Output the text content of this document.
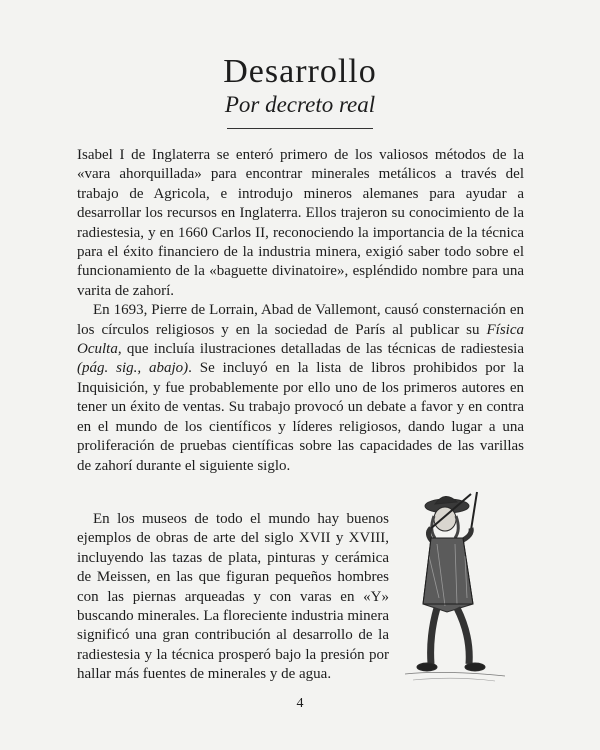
Desarrollo
Por decreto real

Isabel I de Inglaterra se enteró primero de los valiosos métodos de la «vara ahorquillada» para encontrar minerales metálicos a través del trabajo de Agricola, e introdujo mineros alemanes para ayudar a desarrollar los recursos en Inglaterra. Ellos trajeron su conocimiento de la radiestesia, y en 1660 Carlos II, reconociendo la importancia de la técnica para el éxito financiero de la industria minera, exigió saber todo sobre el funcionamiento de la «baguette divinatoire», espléndido nombre para una varita de zahorí.

En 1693, Pierre de Lorrain, Abad de Vallemont, causó consternación en los círculos religiosos y en la sociedad de París al publicar su Física Oculta, que incluía ilustraciones detalladas de las técnicas de radiestesia (pág. sig., abajo). Se incluyó en la lista de libros prohibidos por la Inquisición, y fue probablemente por ello uno de los primeros autores en tener un éxito de ventas. Su trabajo provocó un debate a favor y en contra en el mundo de los científicos y líderes religiosos, dando lugar a una proliferación de pruebas científicas sobre las capacidades de las varillas de zahorí durante el siguiente siglo.

En los museos de todo el mundo hay buenos ejemplos de obras de arte del siglo XVII y XVIII, incluyendo las tazas de plata, pinturas y cerámica de Meissen, en las que figuran pequeños hombres con las piernas arqueadas y con varas en «Y» buscando minerales. La floreciente industria minera significó una gran contribución al desarrollo de la radiestesia y la técnica prosperó bajo la presión por hallar más fuentes de minerales y de agua.

4
